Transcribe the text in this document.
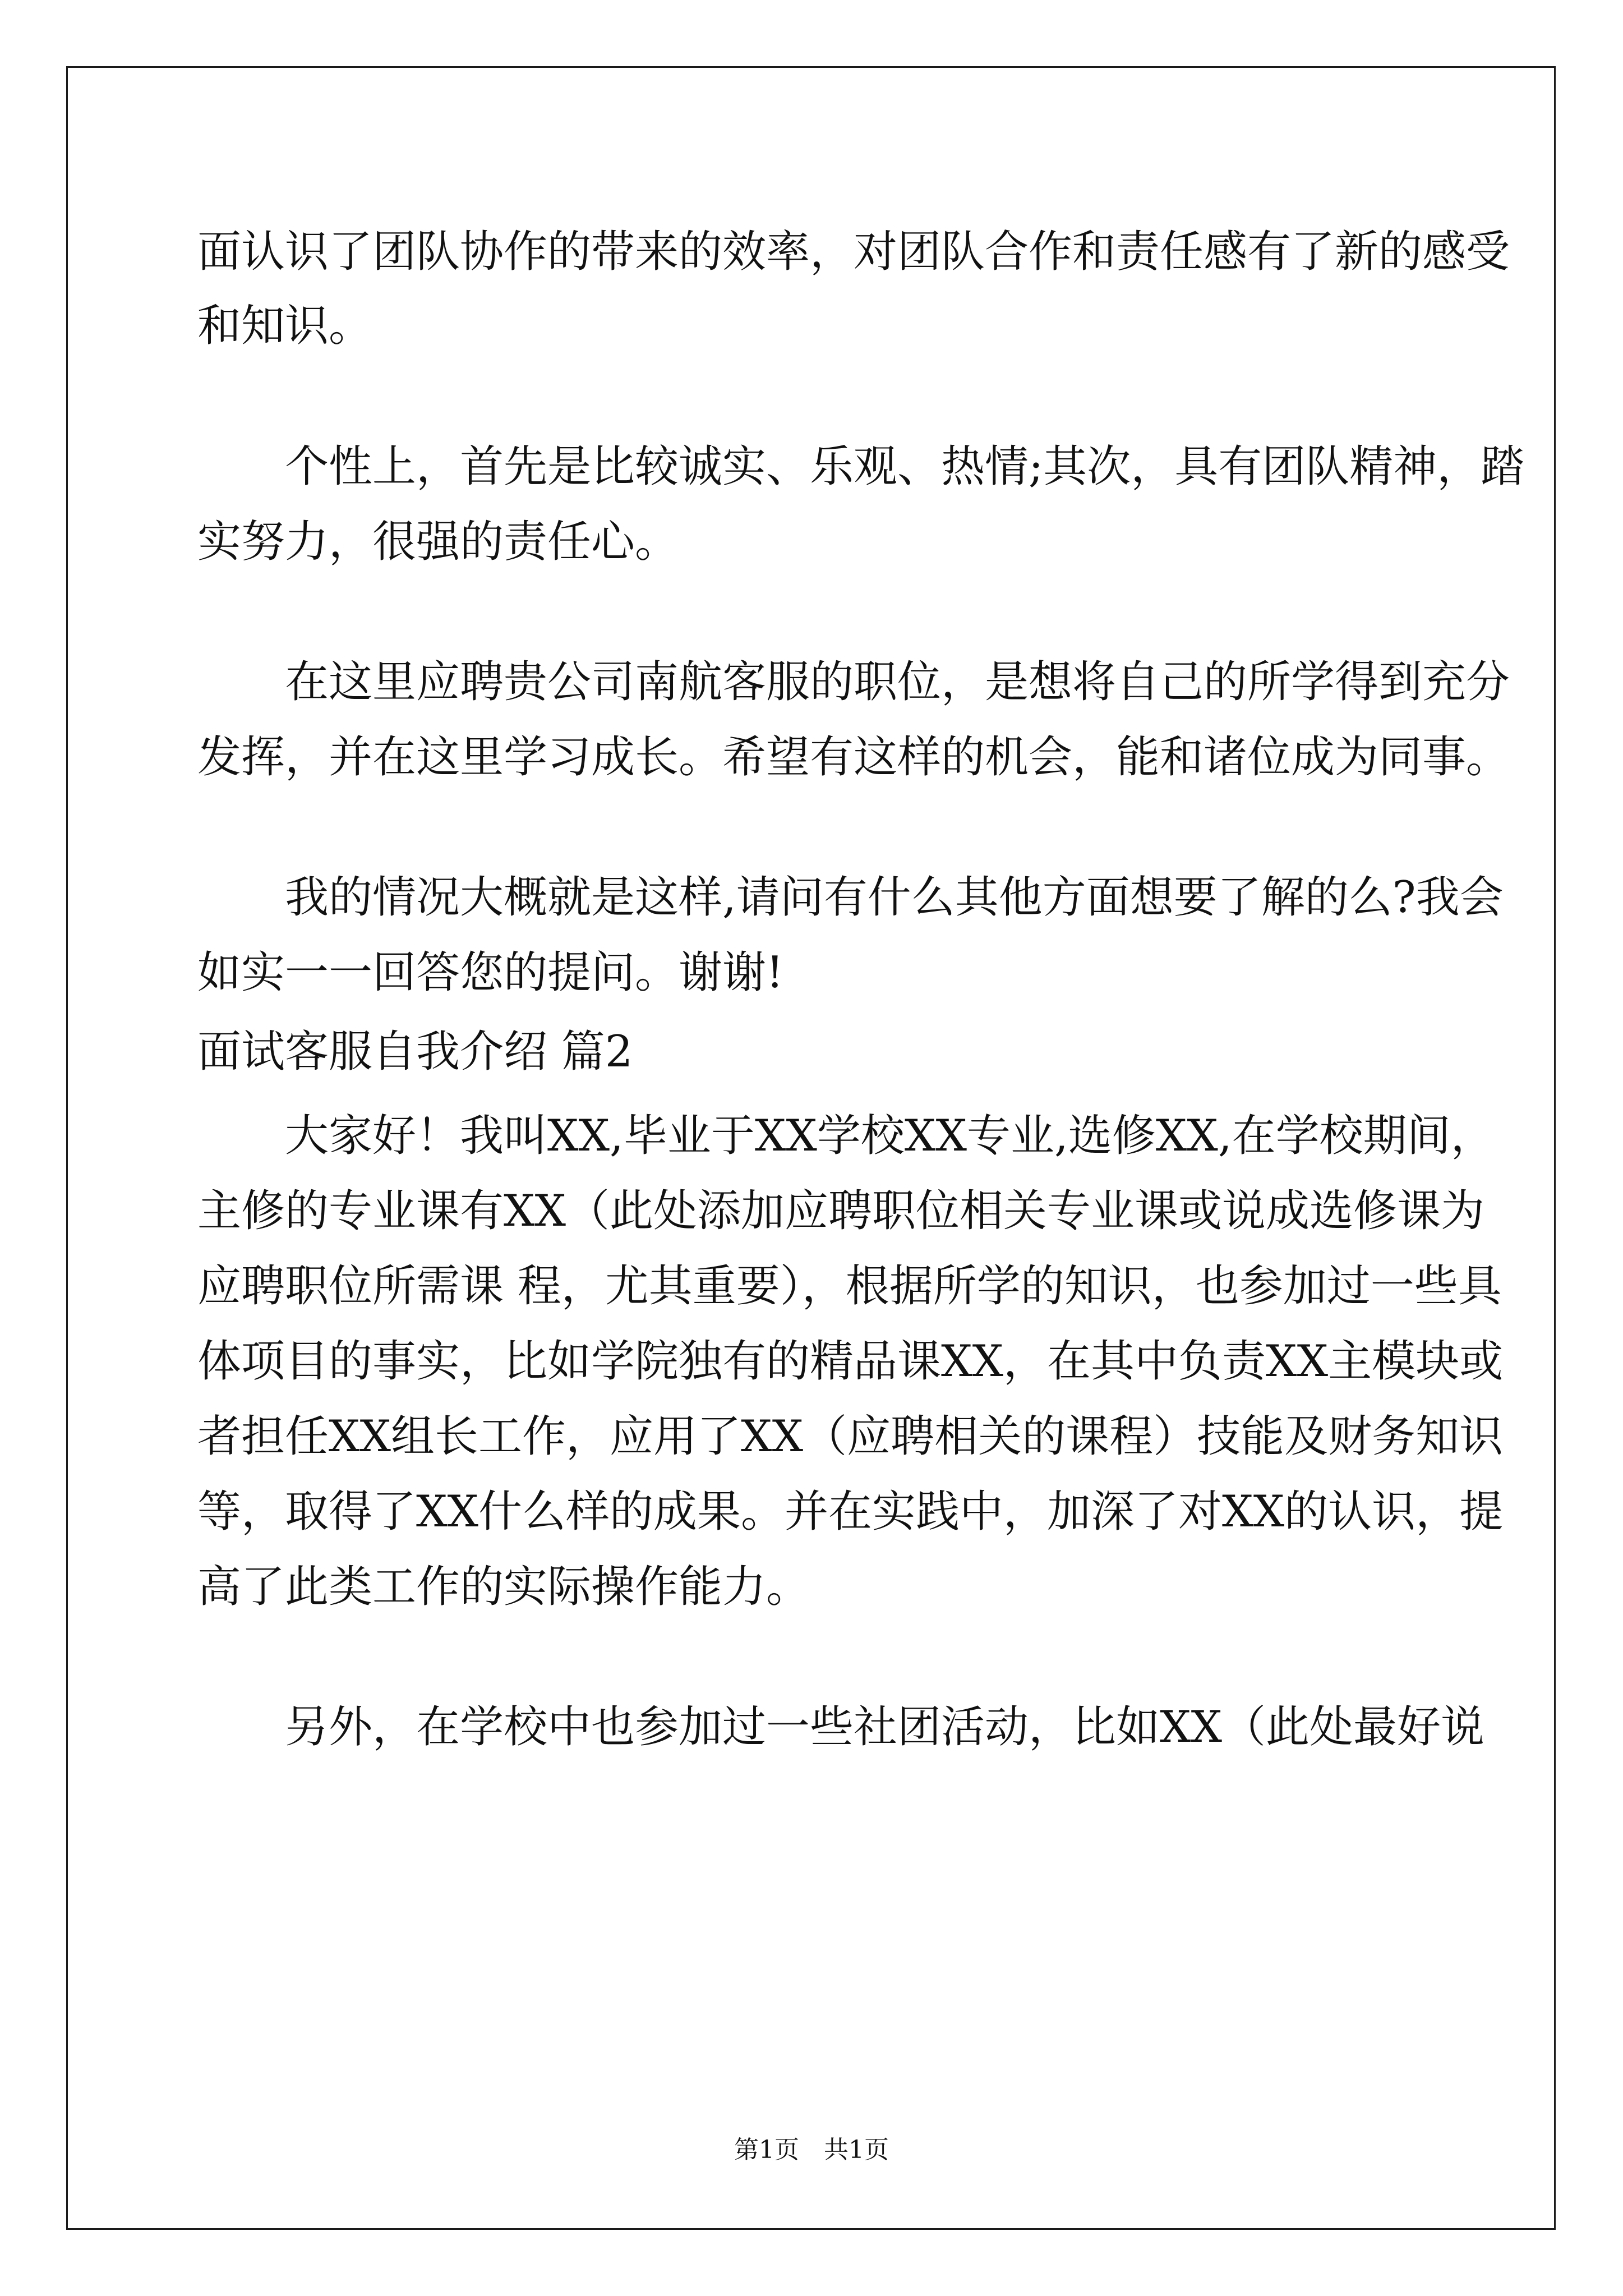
面认识了团队协作的带来的效率，对团队合作和责任感有了新的感受
和知识。
个性上，首先是比较诚实、乐观、热情;其次，具有团队精神，踏
实努力，很强的责任心。
在这里应聘贵公司南航客服的职位，是想将自己的所学得到充分
发挥，并在这里学习成长。希望有这样的机会，能和诸位成为同事。
我的情况大概就是这样,请问有什么其他方面想要了解的么?我会
如实一一回答您的提问。谢谢!
面试客服自我介绍 篇2
大家好！我叫XX,毕业于XX学校XX专业,选修XX,在学校期间，
主修的专业课有XX（此处添加应聘职位相关专业课或说成选修课为
应聘职位所需课 程，尤其重要），根据所学的知识，也参加过一些具
体项目的事实，比如学院独有的精品课XX，在其中负责XX主模块或
者担任XX组长工作，应用了XX（应聘相关的课程）技能及财务知识
等，取得了XX什么样的成果。并在实践中，加深了对XX的认识，提
高了此类工作的实际操作能力。
另外，在学校中也参加过一些社团活动，比如XX（此处最好说
第1页　共1页
